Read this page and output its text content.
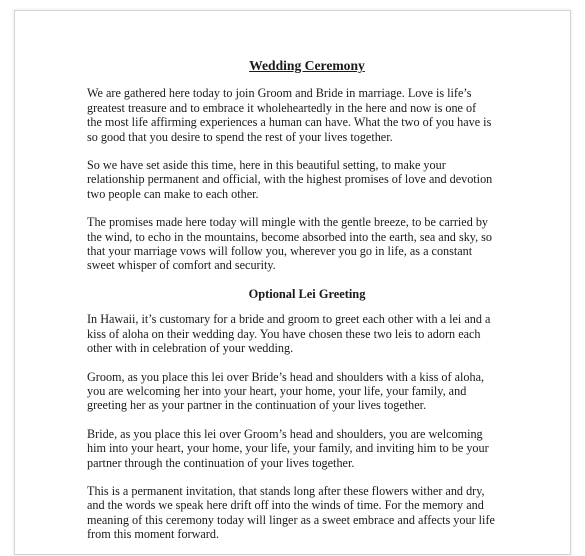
Wedding Ceremony

We are gathered here today to join Groom and Bride in marriage. Love is life’s
greatest treasure and to embrace it wholeheartedly in the here and now is one of
the most life affirming experiences a human can have. What the two of you have is
so good that you desire to spend the rest of your lives together.

So we have set aside this time, here in this beautiful setting, to make your
relationship permanent and official, with the highest promises of love and devotion
two people can make to each other.

The promises made here today will mingle with the gentle breeze, to be carried by
the wind, to echo in the mountains, become absorbed into the earth, sea and sky, so
that your marriage vows will follow you, wherever you go in life, as a constant
sweet whisper of comfort and security.

Optional Lei Greeting

In Hawaii, it’s customary for a bride and groom to greet each other with a lei and a
kiss of aloha on their wedding day. You have chosen these two leis to adorn each
other with in celebration of your wedding.

Groom, as you place this lei over Bride’s head and shoulders with a kiss of aloha,
you are welcoming her into your heart, your home, your life, your family, and
greeting her as your partner in the continuation of your lives together.

Bride, as you place this lei over Groom’s head and shoulders, you are welcoming
him into your heart, your home, your life, your family, and inviting him to be your
partner through the continuation of your lives together.

This is a permanent invitation, that stands long after these flowers wither and dry,
and the words we speak here drift off into the winds of time. For the memory and
meaning of this ceremony today will linger as a sweet embrace and affects your life
from this moment forward.
